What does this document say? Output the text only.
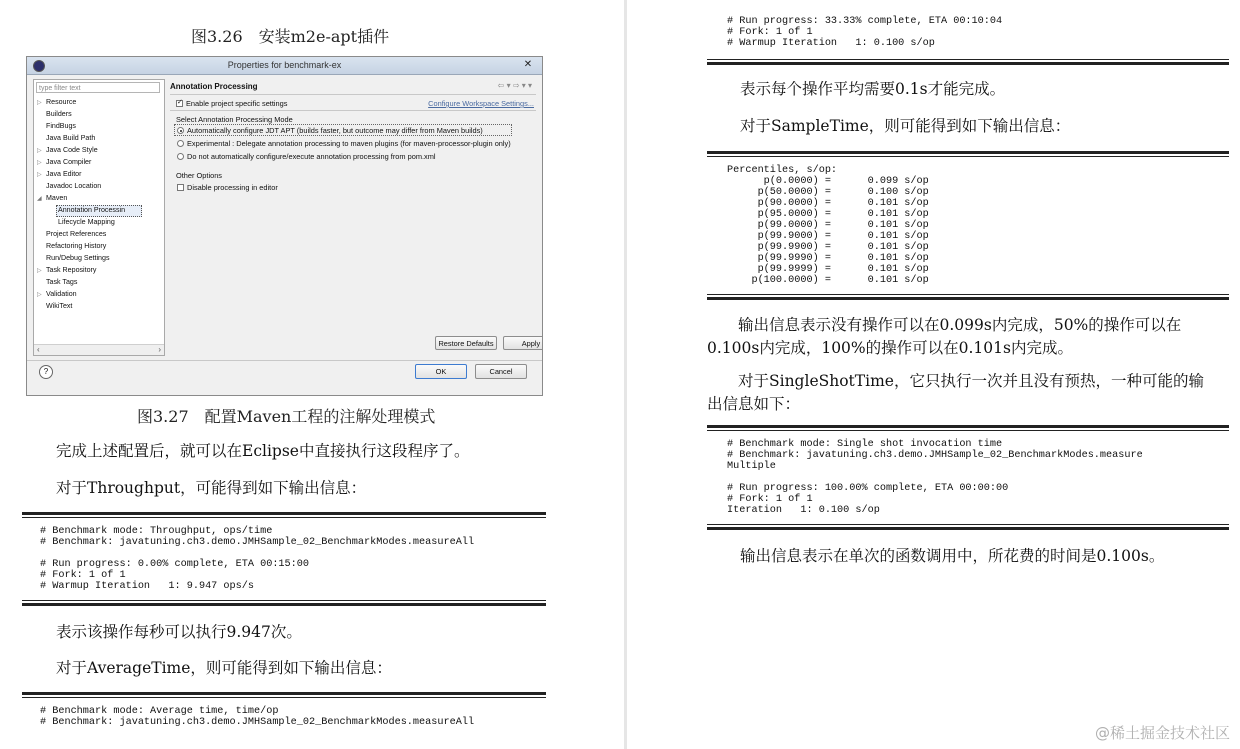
图3.26　安装m2e-apt插件
Properties for benchmark-ex	✕
type filter text
▷ Resource
Builders
FindBugs
Java Build Path
▷ Java Code Style
▷ Java Compiler
▷ Java Editor
Javadoc Location
◢ Maven
Annotation Processin
Lifecycle Mapping
Project References
Refactoring History
Run/Debug Settings
▷ Task Repository
Task Tags
▷ Validation
WikiText
‹	›
Annotation Processing	⇦ ▾ ⇨ ▾ ▾
✓
Enable project specific settings	Configure Workspace Settings...
Select Annotation Processing Mode
Automatically configure JDT APT (builds faster, but outcome may differ from Maven builds)
Experimental : Delegate annotation processing to maven plugins (for maven-processor-plugin only)
Do not automatically configure/execute annotation processing from pom.xml
Other Options
Disable processing in editor
Restore Defaults	Apply
?	OK	Cancel
图3.27　配置Maven工程的注解处理模式
完成上述配置后，就可以在Eclipse中直接执行这段程序了。
对于Throughput，可能得到如下输出信息：
# Benchmark mode: Throughput, ops/time
# Benchmark: javatuning.ch3.demo.JMHSample_02_BenchmarkModes.measureAll

# Run progress: 0.00% complete, ETA 00:15:00
# Fork: 1 of 1
# Warmup Iteration   1: 9.947 ops/s
表示该操作每秒可以执行9.947次。
对于AverageTime，则可能得到如下输出信息：
# Benchmark mode: Average time, time/op
# Benchmark: javatuning.ch3.demo.JMHSample_02_BenchmarkModes.measureAll
# Run progress: 33.33% complete, ETA 00:10:04
# Fork: 1 of 1
# Warmup Iteration   1: 0.100 s/op
表示每个操作平均需要0.1s才能完成。
对于SampleTime，则可能得到如下输出信息：
Percentiles, s/op:
p(0.0000) =      0.099 s/op
p(50.0000) =      0.100 s/op
p(90.0000) =      0.101 s/op
p(95.0000) =      0.101 s/op
p(99.0000) =      0.101 s/op
p(99.9000) =      0.101 s/op
p(99.9900) =      0.101 s/op
p(99.9990) =      0.101 s/op
p(99.9999) =      0.101 s/op
p(100.0000) =      0.101 s/op
　　输出信息表示没有操作可以在0.099s内完成，50%的操作可以在
0.100s内完成，100%的操作可以在0.101s内完成。
　　对于SingleShotTime，它只执行一次并且没有预热，一种可能的输
出信息如下：
# Benchmark mode: Single shot invocation time
# Benchmark: javatuning.ch3.demo.JMHSample_02_BenchmarkModes.measure
Multiple

# Run progress: 100.00% complete, ETA 00:00:00
# Fork: 1 of 1
Iteration   1: 0.100 s/op
输出信息表示在单次的函数调用中，所花费的时间是0.100s。
@稀土掘金技术社区
